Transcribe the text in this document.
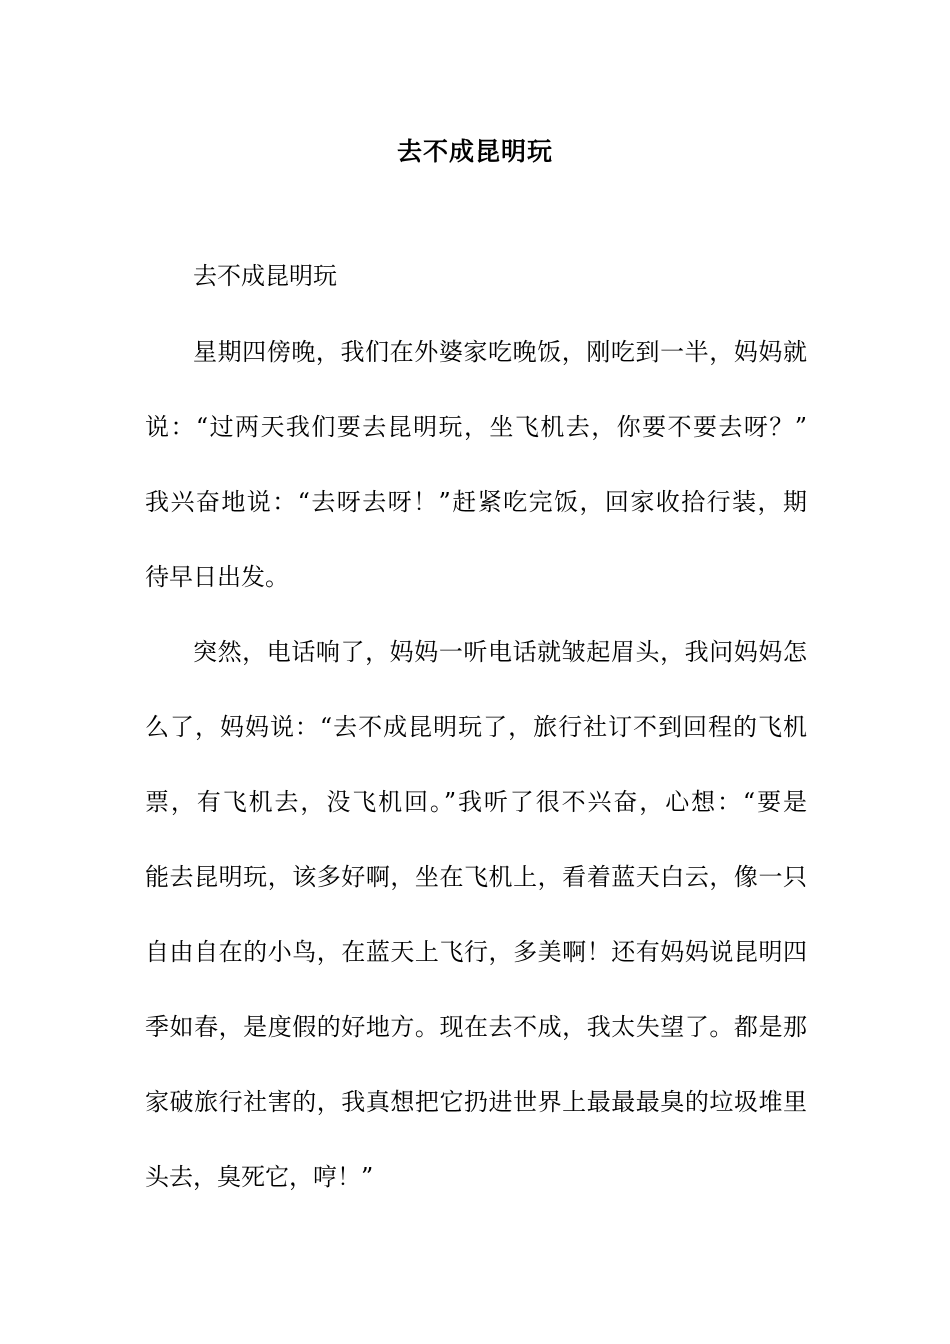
去不成昆明玩
去不成昆明玩
星期四傍晚，我们在外婆家吃晚饭，刚吃到一半，妈妈就
说：“过两天我们要去昆明玩，坐飞机去，你要不要去呀？”
我兴奋地说：“去呀去呀！”赶紧吃完饭，回家收拾行装，期
待早日出发。
突然，电话响了，妈妈一听电话就皱起眉头，我问妈妈怎
么了，妈妈说：“去不成昆明玩了，旅行社订不到回程的飞机
票，有飞机去，没飞机回。”我听了很不兴奋，心想：“要是
能去昆明玩，该多好啊，坐在飞机上，看着蓝天白云，像一只
自由自在的小鸟，在蓝天上飞行，多美啊！还有妈妈说昆明四
季如春，是度假的好地方。现在去不成，我太失望了。都是那
家破旅行社害的，我真想把它扔进世界上最最最臭的垃圾堆里
头去，臭死它，哼！”
